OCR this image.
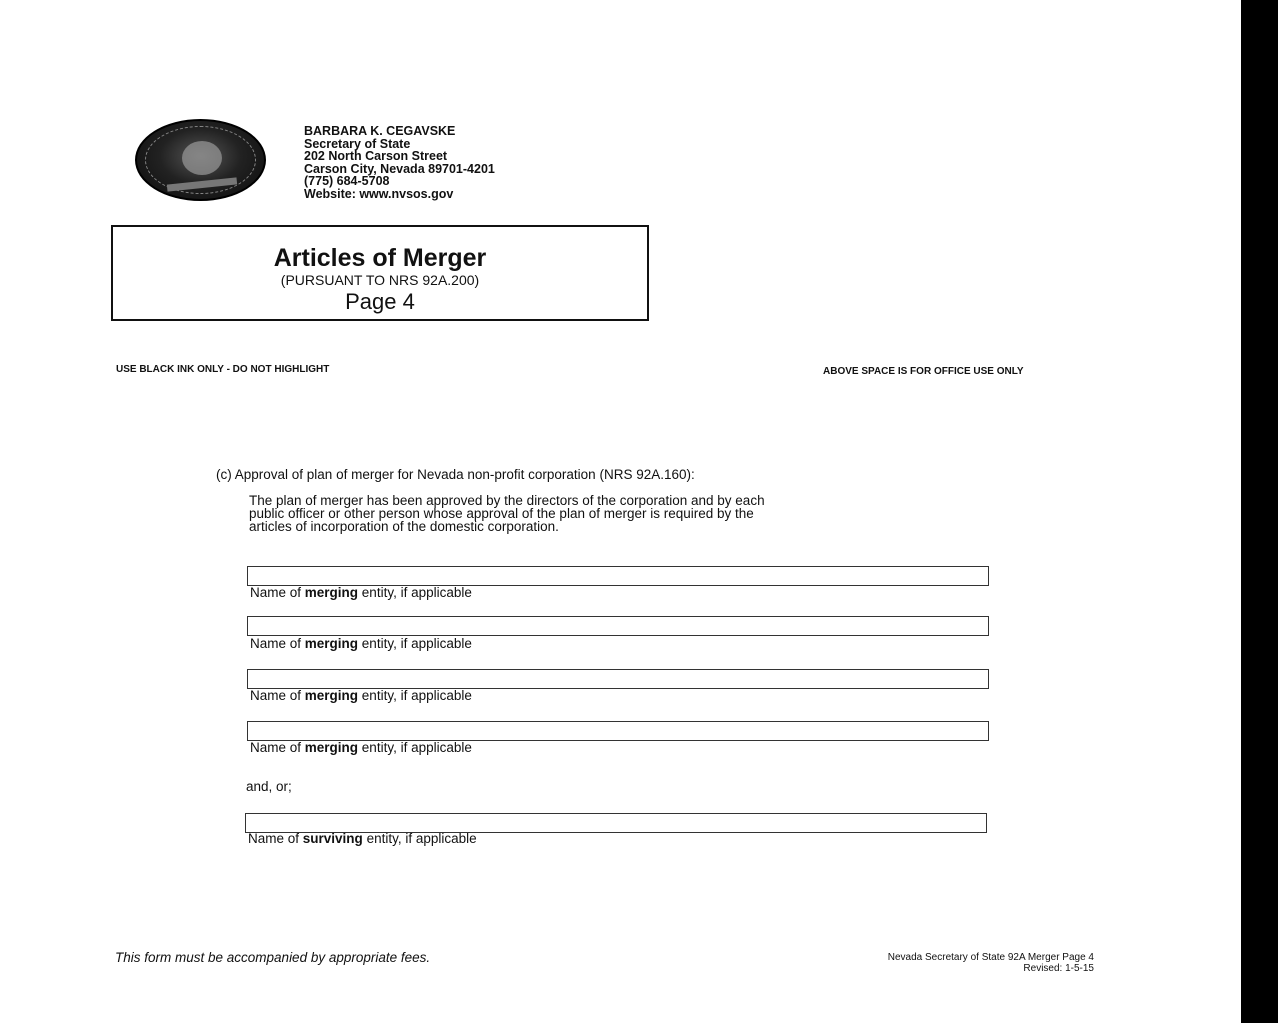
BARBARA K. CEGAVSKE
Secretary of State
202 North Carson Street
Carson City, Nevada 89701-4201
(775) 684-5708
Website: www.nvsos.gov
Articles of Merger
(PURSUANT TO NRS 92A.200)
Page 4
USE BLACK INK ONLY - DO NOT HIGHLIGHT	ABOVE SPACE IS FOR OFFICE USE ONLY
(c) Approval of plan of merger for Nevada non-profit corporation (NRS 92A.160):
The plan of merger has been approved by the directors of the corporation and by each
public officer or other person whose approval of the plan of merger is required by the
articles of incorporation of the domestic corporation.
Name of merging entity, if applicable
Name of merging entity, if applicable
Name of merging entity, if applicable
Name of merging entity, if applicable
and, or;
Name of surviving entity, if applicable
This form must be accompanied by appropriate fees.	Nevada Secretary of State 92A Merger Page 4
Revised: 1-5-15
